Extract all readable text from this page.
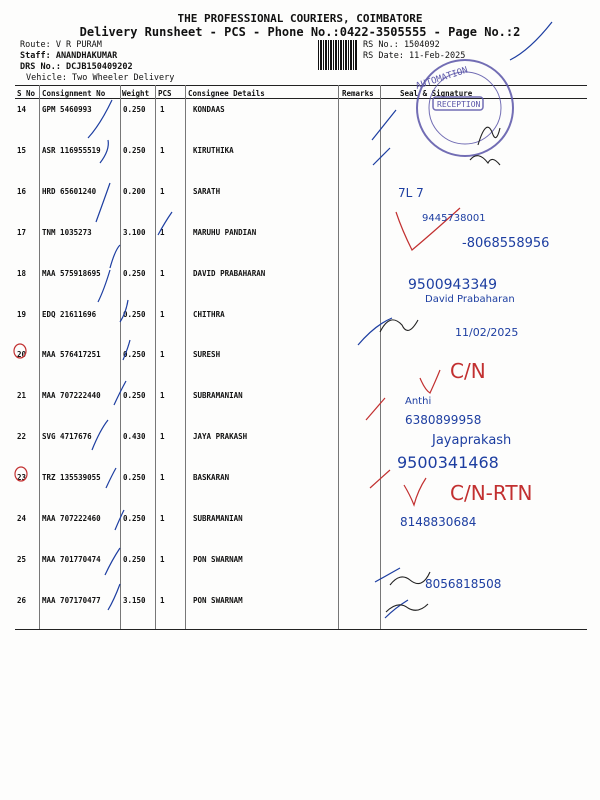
THE PROFESSIONAL COURIERS, COIMBATORE
Delivery Runsheet - PCS - Phone No.:0422-3505555 - Page No.:2
Route: V R PURAM
Staff: ANANDHAKUMAR
DRS No.: DCJB150409202
Vehicle: Two Wheeler Delivery
RS No.: 1504092
RS Date: 11-Feb-2025
S No Consignment No Weight PCS Consignee Details	Remarks	Seal & Signature
14 GPM 5460993	0.250 1	KONDAAS
15 ASR 116955519	0.250 1	KIRUTHIKA
16 HRD 65601240	0.200 1	SARATH
17 TNM 1035273	3.100 1	MARUHU PANDIAN
18 MAA 575918695	0.250 1	DAVID PRABAHARAN
19 EDQ 21611696	0.250 1	CHITHRA
20 MAA 576417251	0.250 1	SURESH
21 MAA 707222440	0.250 1	SUBRAMANIAN
22 SVG 4717676	0.430 1	JAYA PRAKASH
23 TRZ 135539055	0.250 1	BASKARAN
24 MAA 707222460	0.250 1	SUBRAMANIAN
25 MAA 701770474	0.250 1	PON SWARNAM
26 MAA 707170477	3.150 1	PON SWARNAM
AUTOMATION
RECEPTION
7L 7
9445738001
-8068558956
9500943349
David Prabaharan
11/02/2025
C/N
Anthi
6380899958
Jayaprakash
9500341468
C/N-RTN
8148830684
8056818508
